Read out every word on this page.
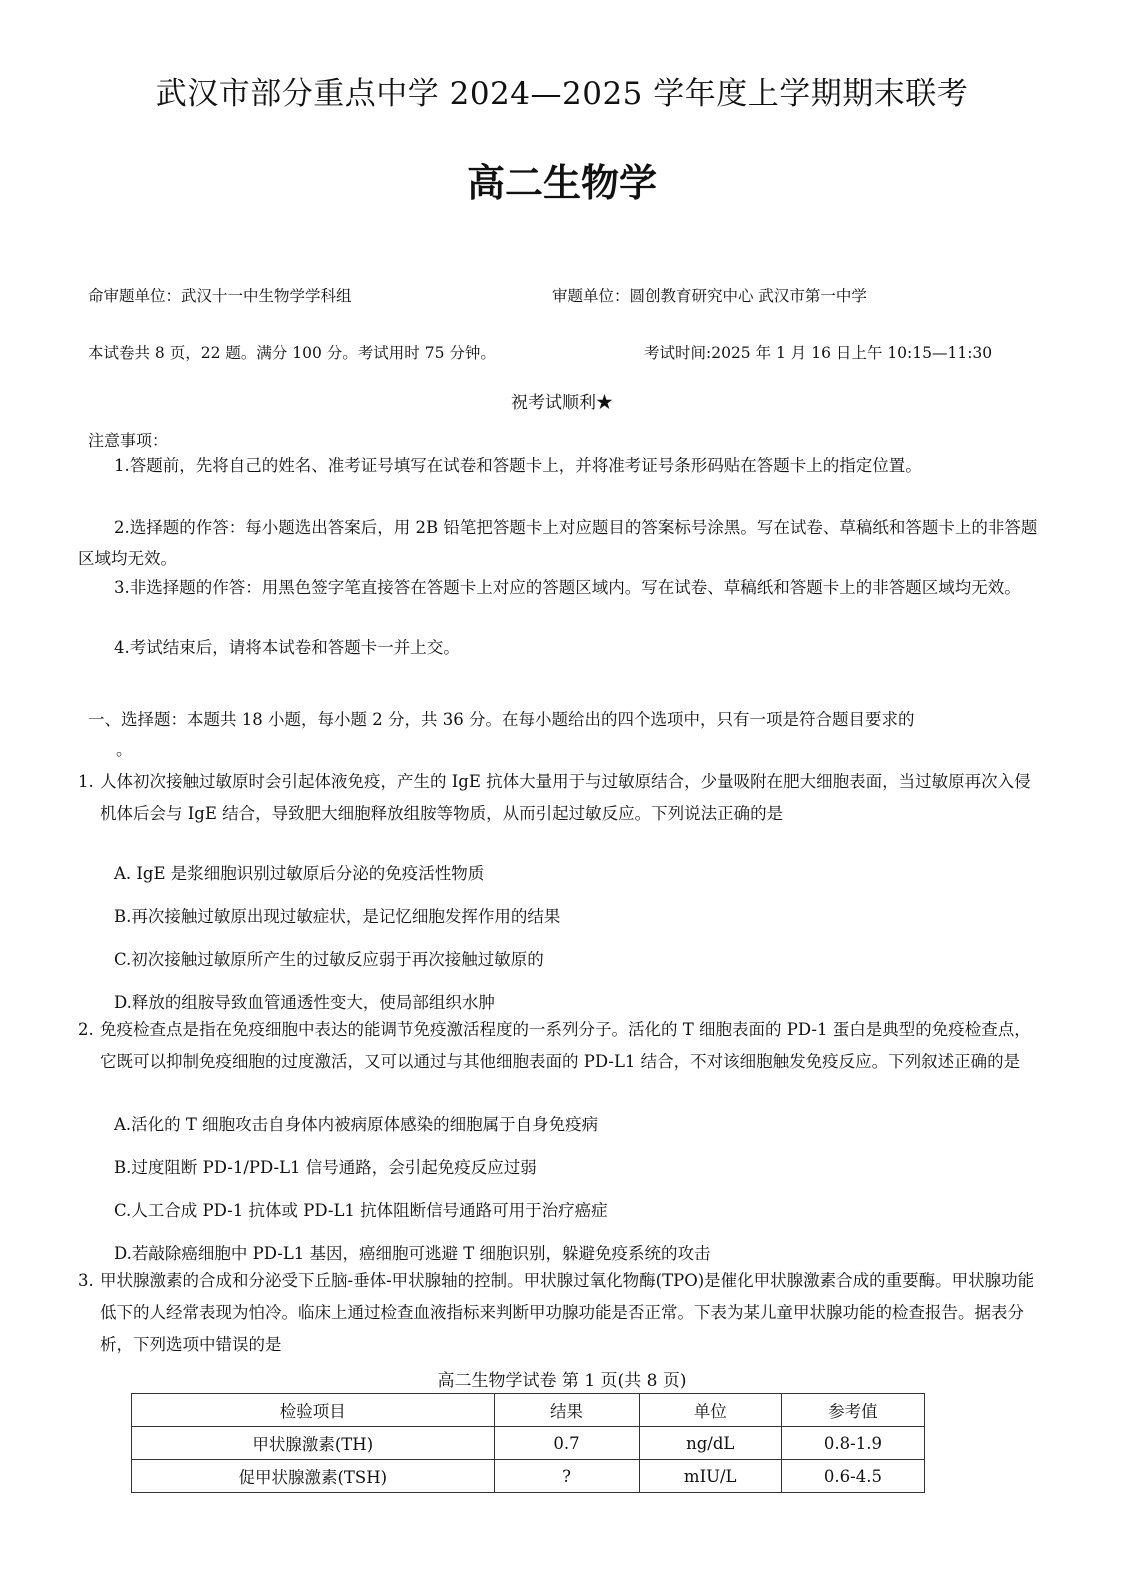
武汉市部分重点中学 2024—2025 学年度上学期期末联考
高二生物学
命审题单位：武汉十一中生物学学科组	审题单位：圆创教育研究中心 武汉市第一中学
本试卷共 8 页，22 题。满分 100 分。考试用时 75 分钟。	考试时间:2025 年 1 月 16 日上午 10:15—11:30
祝考试顺利★
注意事项：
1.答题前，先将自己的姓名、准考证号填写在试卷和答题卡上，并将准考证号条形码贴在答题卡上的指定位置。
2.选择题的作答：每小题选出答案后，用 2B 铅笔把答题卡上对应题目的答案标号涂黑。写在试卷、草稿纸和答题卡上的非答题区域均无效。
3.非选择题的作答：用黑色签字笔直接答在答题卡上对应的答题区域内。写在试卷、草稿纸和答题卡上的非答题区域均无效。
4.考试结束后，请将本试卷和答题卡一并上交。
一、选择题：本题共 18 小题，每小题 2 分，共 36 分。在每小题给出的四个选项中，只有一项是符合题目要求的
。
1. 人体初次接触过敏原时会引起体液免疫，产生的 IgE 抗体大量用于与过敏原结合，少量吸附在肥大细胞表面，当过敏原再次入侵机体后会与 IgE 结合，导致肥大细胞释放组胺等物质，从而引起过敏反应。下列说法正确的是
A. IgE 是浆细胞识别过敏原后分泌的免疫活性物质
B.再次接触过敏原出现过敏症状，是记忆细胞发挥作用的结果
C.初次接触过敏原所产生的过敏反应弱于再次接触过敏原的
D.释放的组胺导致血管通透性变大，使局部组织水肿
2. 免疫检查点是指在免疫细胞中表达的能调节免疫激活程度的一系列分子。活化的 T 细胞表面的 PD-1 蛋白是典型的免疫检查点，它既可以抑制免疫细胞的过度激活，又可以通过与其他细胞表面的 PD-L1 结合，不对该细胞触发免疫反应。下列叙述正确的是
A.活化的 T 细胞攻击自身体内被病原体感染的细胞属于自身免疫病
B.过度阻断 PD-1/PD-L1 信号通路，会引起免疫反应过弱
C.人工合成 PD-1 抗体或 PD-L1 抗体阻断信号通路可用于治疗癌症
D.若敲除癌细胞中 PD-L1 基因，癌细胞可逃避 T 细胞识别，躲避免疫系统的攻击
3. 甲状腺激素的合成和分泌受下丘脑-垂体-甲状腺轴的控制。甲状腺过氧化物酶(TPO)是催化甲状腺激素合成的重要酶。甲状腺功能低下的人经常表现为怕冷。临床上通过检查血液指标来判断甲功腺功能是否正常。下表为某儿童甲状腺功能的检查报告。据表分析，下列选项中错误的是
高二生物学试卷 第 1 页(共 8 页)
检验项目	结果	单位	参考值
甲状腺激素(TH)	0.7	ng/dL	0.8-1.9
促甲状腺激素(TSH)	?	mIU/L	0.6-4.5
